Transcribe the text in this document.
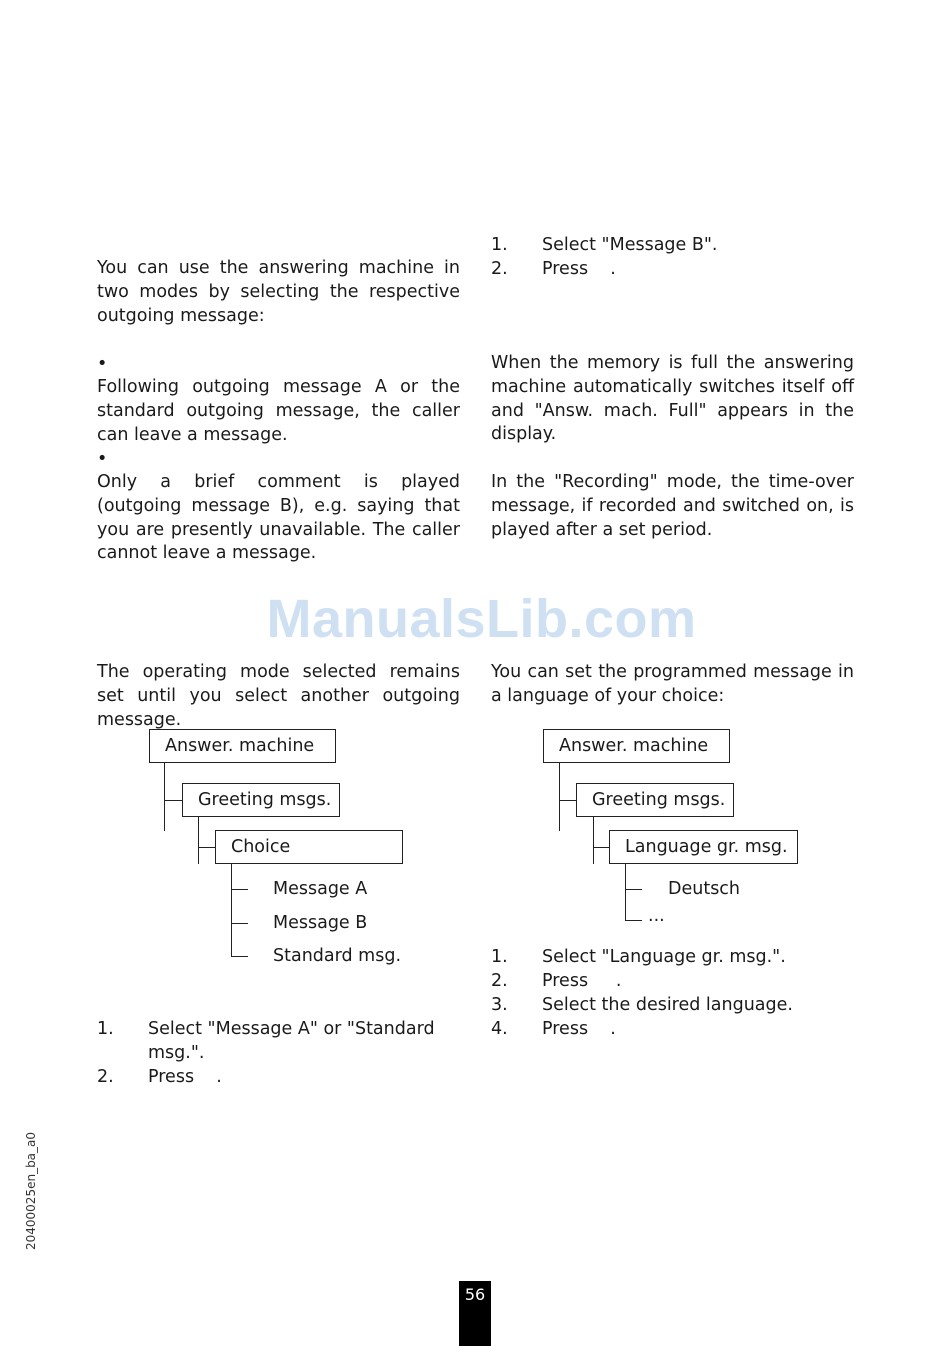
You can use the answering machine in two modes by selecting the respective outgoing message:
•
Following outgoing message A or the standard outgoing message, the caller can leave a message.
•
Only a brief comment is played (outgoing message B), e.g. saying that you are presently unavailable. The caller cannot leave a message.
The operating mode selected remains set until you select another outgoing message.
Answer. machine
Greeting msgs.
Choice
Message A
Message B
Standard msg.
1. Select "Message A" or "Standard
msg.".
2. Press    .
1. Select "Message B".
2. Press    .
When the memory is full the answering machine automatically switches itself off and "Answ. mach. Full" appears in the display.
In the "Recording" mode, the time-over message, if recorded and switched on, is played after a set period.
You can set the programmed message in a language of your choice:
Answer. machine
Greeting msgs.
Language gr. msg.
Deutsch
...
1. Select "Language gr. msg.".
2. Press     .
3. Select the desired language.
4. Press    .
ManualsLib.com
20400025en_ba_a0
56
